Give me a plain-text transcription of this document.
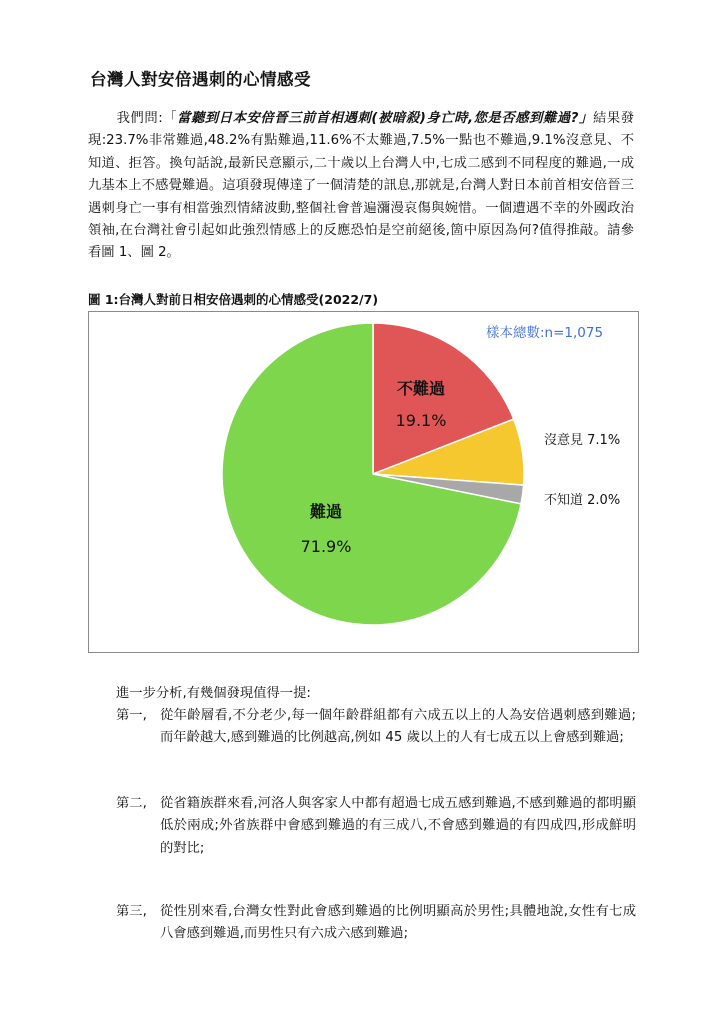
台灣人對安倍遇刺的心情感受
我們問:「當聽到日本安倍晉三前首相遇刺(被暗殺)身亡時,您是否感到難過?」結果發現:23.7%非常難過,48.2%有點難過,11.6%不太難過,7.5%一點也不難過,9.1%沒意見、不知道、拒答。換句話說,最新民意顯示,二十歲以上台灣人中,七成二感到不同程度的難過,一成九基本上不感覺難過。這項發現傳達了一個清楚的訊息,那就是,台灣人對日本前首相安倍晉三遇刺身亡一事有相當強烈情緒波動,整個社會普遍瀰漫哀傷與婉惜。一個遭遇不幸的外國政治領袖,在台灣社會引起如此強烈情感上的反應恐怕是空前絕後,箇中原因為何?值得推敲。請參看圖 1、圖 2。
圖 1:台灣人對前日相安倍遇刺的心情感受(2022/7)
樣本總數:n=1,075
不難過
19.1%
沒意見 7.1%
不知道 2.0%
難過
71.9%
進一步分析,有幾個發現值得一提:
第一, 從年齡層看,不分老少,每一個年齡群組都有六成五以上的人為安倍遇刺感到難過;而年齡越大,感到難過的比例越高,例如 45 歲以上的人有七成五以上會感到難過;
第二, 從省籍族群來看,河洛人與客家人中都有超過七成五感到難過,不感到難過的都明顯低於兩成;外省族群中會感到難過的有三成八,不會感到難過的有四成四,形成鮮明的對比;
第三, 從性別來看,台灣女性對此會感到難過的比例明顯高於男性;具體地說,女性有七成八會感到難過,而男性只有六成六感到難過;
